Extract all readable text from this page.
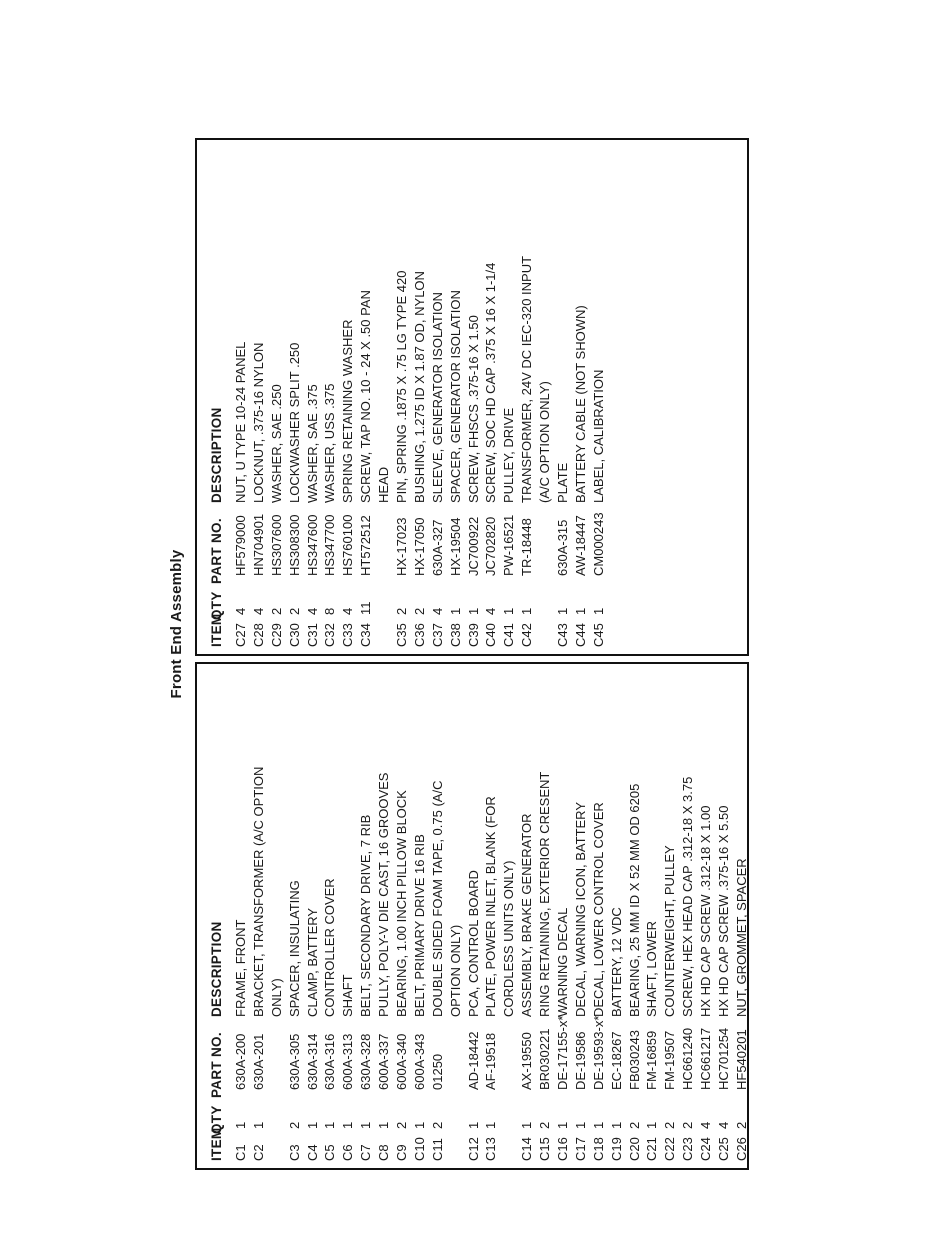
Front End Assembly
ITEM
QTY
PART NO.
DESCRIPTION
C1
1
630A-200
FRAME, FRONT
C2
1
630A-201
BRACKET, TRANSFORMER (A/C OPTION ONLY)
C3
2
630A-305
SPACER, INSULATING
C4
1
630A-314
CLAMP, BATTERY
C5
1
630A-316
CONTROLLER COVER
C6
1
600A-313
SHAFT
C7
1
630A-328
BELT, SECONDARY DRIVE, 7 RIB
C8
1
600A-337
PULLY, POLY-V DIE CAST, 16 GROOVES
C9
2
600A-340
BEARING, 1.00 INCH PILLOW BLOCK
C10
1
600A-343
BELT, PRIMARY DRIVE 16 RIB
C11
2
01250
DOUBLE SIDED FOAM TAPE, 0.75 (A/C OPTION ONLY)
C12
1
AD-18442
PCA, CONTROL BOARD
C13
1
AF-19518
PLATE, POWER INLET, BLANK (FOR CORDLESS UNITS ONLY)
C14
1
AX-19550
ASSEMBLY, BRAKE GENERATOR
C15
2
BR030221
RING RETAINING, EXTERIOR CRESENT
C16
1
DE-17155-x*
WARNING DECAL
C17
1
DE-19586
DECAL, WARNING ICON, BATTERY
C18
1
DE-19593-x*
DECAL, LOWER CONTROL COVER
C19
1
EC-18267
BATTERY, 12 VDC
C20
2
FB030243
BEARING, 25 MM ID X 52 MM OD 6205
C21
1
FM-16859
SHAFT, LOWER
C22
2
FM-19507
COUNTERWEIGHT, PULLEY
C23
2
HC661240
SCREW, HEX HEAD CAP .312-18 X 3.75
C24
4
HC661217
HX HD CAP SCREW .312-18 X 1.00
C25
4
HC701254
HX HD CAP SCREW .375-16 X 5.50
C26
2
HF540201
NUT, GROMMET, SPACER
ITEM
QTY
PART NO.
DESCRIPTION
C27
4
HF579000
NUT, U TYPE 10-24 PANEL
C28
4
HN704901
LOCKNUT, .375-16 NYLON
C29
2
HS307600
WASHER, SAE .250
C30
2
HS308300
LOCKWASHER SPLIT .250
C31
4
HS347600
WASHER, SAE .375
C32
8
HS347700
WASHER, USS .375
C33
4
HS760100
SPRING RETAINING WASHER
C34
11
HT572512
SCREW, TAP NO. 10 - 24 X .50 PAN HEAD
C35
2
HX-17023
PIN, SPRING .1875 X .75 LG TYPE 420
C36
2
HX-17050
BUSHING, 1.275 ID X 1.87 OD, NYLON
C37
4
630A-327
SLEEVE, GENERATOR ISOLATION
C38
1
HX-19504
SPACER, GENERATOR ISOLATION
C39
1
JC700922
SCREW, FHSCS .375-16 X 1.50
C40
4
JC702820
SCREW, SOC HD CAP .375 X 16 X 1-1/4
C41
1
PW-16521
PULLEY, DRIVE
C42
1
TR-18448
TRANSFORMER, 24V DC IEC-320 INPUT (A/C OPTION ONLY)
C43
1
630A-315
PLATE
C44
1
AW-18447
BATTERY CABLE (NOT SHOWN)
C45
1
CM000243
LABEL, CALIBRATION
